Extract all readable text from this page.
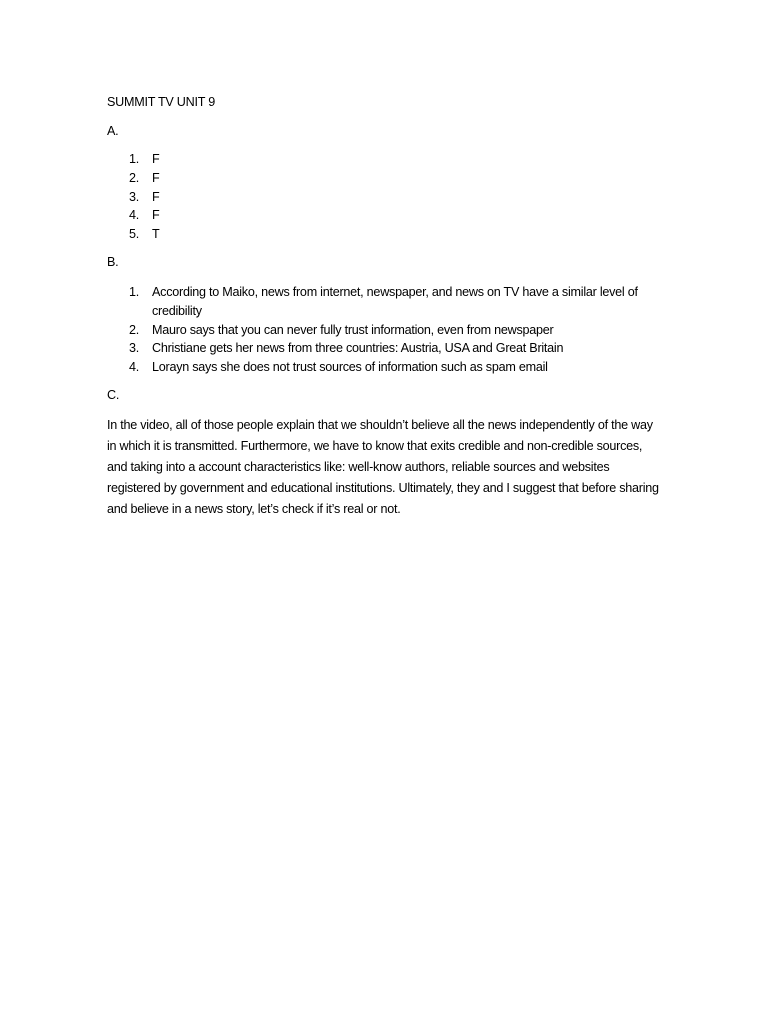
SUMMIT TV UNIT 9
A.
1. F
2. F
3. F
4. F
5. T
B.
1. According to Maiko, news from internet, newspaper, and news on TV have a similar level of credibility
2. Mauro says that you can never fully trust information, even from newspaper
3. Christiane gets her news from three countries: Austria, USA and Great Britain
4. Lorayn says she does not trust sources of information such as spam email
C.

In the video, all of those people explain that we shouldn’t believe all the news independently of the way in which it is transmitted. Furthermore, we have to know that exits credible and non-credible sources, and taking into a account characteristics like: well-know authors, reliable sources and websites registered by government and educational institutions. Ultimately, they and I suggest that before sharing and believe in a news story, let’s check if it’s real or not.
